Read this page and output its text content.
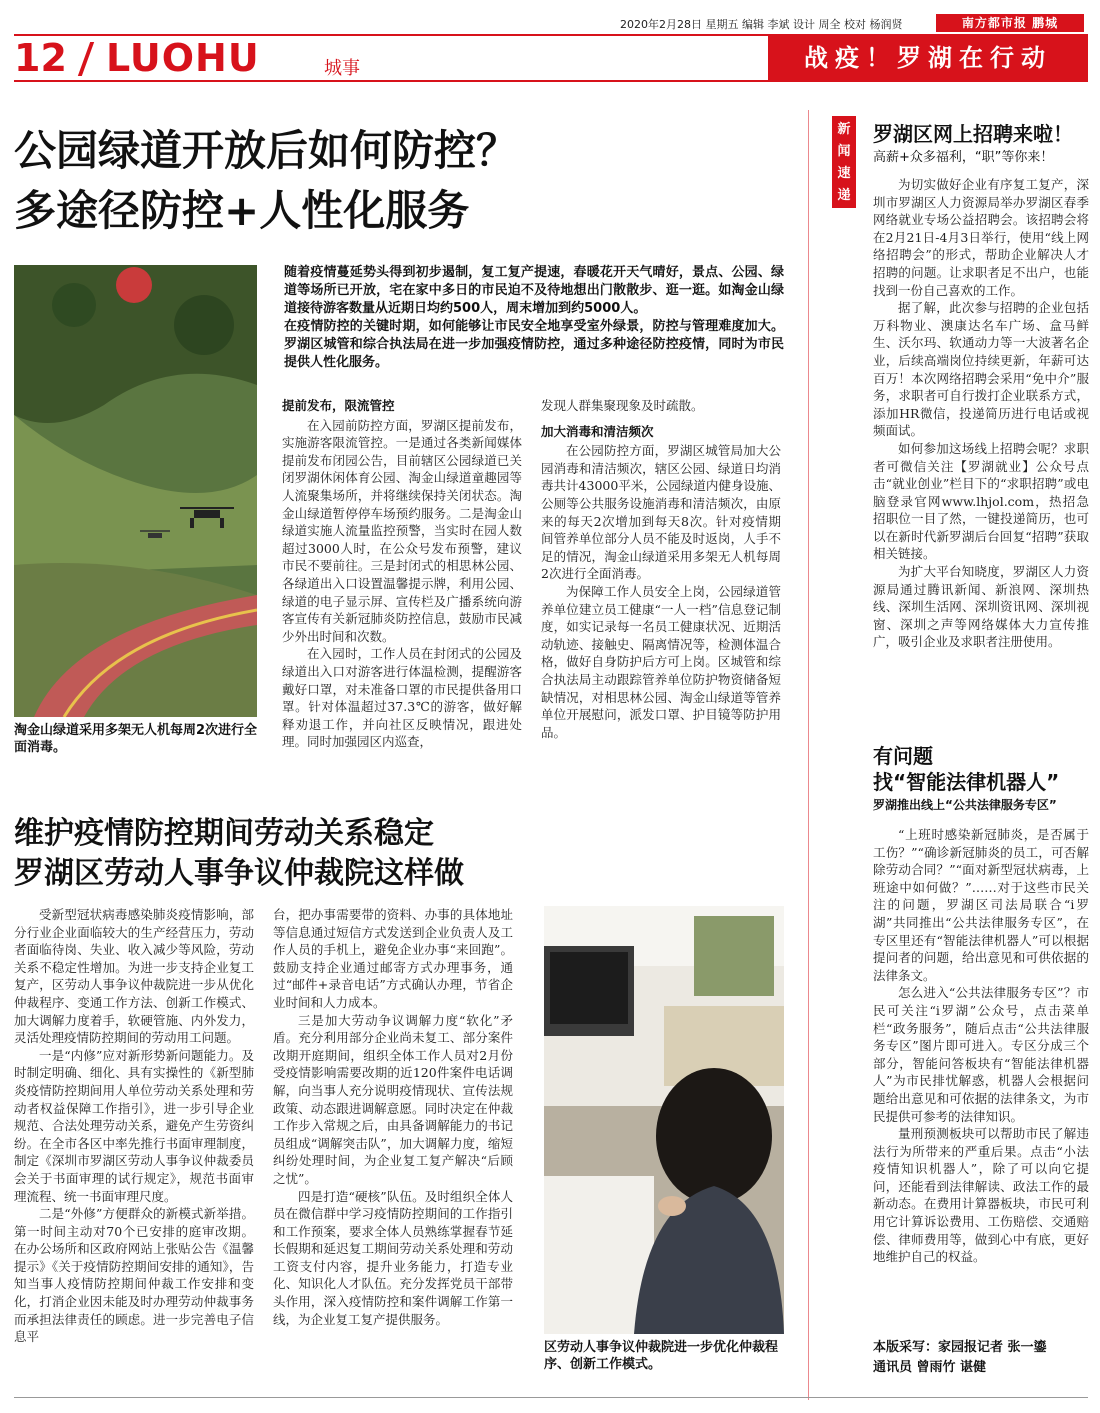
2020年2月28日 星期五 编辑 李斌 设计 周全 校对 杨润贤	南方都市报 鹏城
12 LUOHU	城事	战疫！罗湖在行动
公园绿道开放后如何防控？
多途径防控+人性化服务
淘金山绿道采用多架无人机每周2次进行全面消毒。

随着疫情蔓延势头得到初步遏制，复工复产提速，春暖花开天气晴好，景点、公园、绿道等场所已开放，宅在家中多日的市民迫不及待地想出门散散步、逛一逛。如淘金山绿道接待游客数量从近期日均约500人，周末增加到约5000人。

在疫情防控的关键时期，如何能够让市民安全地享受室外绿景，防控与管理难度加大。罗湖区城管和综合执法局在进一步加强疫情防控，通过多种途径防控疫情，同时为市民提供人性化服务。

提前发布，限流管控

在入园前防控方面，罗湖区提前发布，实施游客限流管控。一是通过各类新闻媒体提前发布闭园公告，目前辖区公园绿道已关闭罗湖休闲体育公园、淘金山绿道童趣园等人流聚集场所，并将继续保持关闭状态。淘金山绿道暂停停车场预约服务。二是淘金山绿道实施人流量监控预警，当实时在园人数超过3000人时，在公众号发布预警，建议市民不要前往。三是封闭式的相思林公园、各绿道出入口设置温馨提示牌，利用公园、绿道的电子显示屏、宣传栏及广播系统向游客宣传有关新冠肺炎防控信息，鼓励市民减少外出时间和次数。

在入园时，工作人员在封闭式的公园及绿道出入口对游客进行体温检测，提醒游客戴好口罩，对未准备口罩的市民提供备用口罩。针对体温超过37.3℃的游客，做好解释劝退工作，并向社区反映情况，跟进处理。同时加强园区内巡查，

发现人群集聚现象及时疏散。

加大消毒和清洁频次

在公园防控方面，罗湖区城管局加大公园消毒和清洁频次，辖区公园、绿道日均消毒共计43000平米，公园绿道内健身设施、公厕等公共服务设施消毒和清洁频次，由原来的每天2次增加到每天8次。针对疫情期间管养单位部分人员不能及时返岗，人手不足的情况，淘金山绿道采用多架无人机每周2次进行全面消毒。

为保障工作人员安全上岗，公园绿道管养单位建立员工健康“一人一档”信息登记制度，如实记录每一名员工健康状况、近期活动轨迹、接触史、隔离情况等，检测体温合格，做好自身防护后方可上岗。区城管和综合执法局主动跟踪管养单位防护物资储备短缺情况，对相思林公园、淘金山绿道等管养单位开展慰问，派发口罩、护目镜等防护用品。

维护疫情防控期间劳动关系稳定
罗湖区劳动人事争议仲裁院这样做

受新型冠状病毒感染肺炎疫情影响，部分行业企业面临较大的生产经营压力，劳动者面临待岗、失业、收入减少等风险，劳动关系不稳定性增加。为进一步支持企业复工复产，区劳动人事争议仲裁院进一步从优化仲裁程序、变通工作方法、创新工作模式、加大调解力度着手，软硬管施、内外发力，灵活处理疫情防控期间的劳动用工问题。

一是“内修”应对新形势新问题能力。及时制定明确、细化、具有实操性的《新型肺炎疫情防控期间用人单位劳动关系处理和劳动者权益保障工作指引》，进一步引导企业规范、合法处理劳动关系，避免产生劳资纠纷。在全市各区中率先推行书面审理制度，制定《深圳市罗湖区劳动人事争议仲裁委员会关于书面审理的试行规定》，规范书面审理流程、统一书面审理尺度。

二是“外修”方便群众的新模式新举措。第一时间主动对70个已安排的庭审改期。在办公场所和区政府网站上张贴公告《温馨提示》《关于疫情防控期间安排的通知》，告知当事人疫情防控期间仲裁工作安排和变化，打消企业因未能及时办理劳动仲裁事务而承担法律责任的顾虑。进一步完善电子信息平

台，把办事需要带的资料、办事的具体地址等信息通过短信方式发送到企业负责人及工作人员的手机上，避免企业办事“来回跑”。鼓励支持企业通过邮寄方式办理事务，通过“邮件+录音电话”方式确认办理，节省企业时间和人力成本。

三是加大劳动争议调解力度“软化”矛盾。充分利用部分企业尚未复工、部分案件改期开庭期间，组织全体工作人员对2月份受疫情影响需要改期的近120件案件电话调解，向当事人充分说明疫情现状、宣传法规政策、动态跟进调解意愿。同时决定在仲裁工作步入常规之后，由具备调解能力的书记员组成“调解突击队”，加大调解力度，缩短纠纷处理时间，为企业复工复产解决“后顾之忧”。

四是打造“硬核”队伍。及时组织全体人员在微信群中学习疫情防控期间的工作指引和工作预案，要求全体人员熟练掌握春节延长假期和延迟复工期间劳动关系处理和劳动工资支付内容，提升业务能力，打造专业化、知识化人才队伍。充分发挥党员干部带头作用，深入疫情防控和案件调解工作第一线，为企业复工复产提供服务。

区劳动人事争议仲裁院进一步优化仲裁程序、创新工作模式。
新
闻
速
递
罗湖区网上招聘来啦！
高薪+众多福利，“职”等你来！

为切实做好企业有序复工复产，深圳市罗湖区人力资源局举办罗湖区春季网络就业专场公益招聘会。该招聘会将在2月21日-4月3日举行，使用“线上网络招聘会”的形式，帮助企业解决人才招聘的问题。让求职者足不出户，也能找到一份自己喜欢的工作。

据了解，此次参与招聘的企业包括万科物业、澳康达名车广场、盒马鲜生、沃尔玛、软通动力等一大波著名企业，后续高端岗位持续更新，年薪可达百万！本次网络招聘会采用“免中介”服务，求职者可自行拨打企业联系方式，添加HR微信，投递简历进行电话或视频面试。

如何参加这场线上招聘会呢？求职者可微信关注【罗湖就业】公众号点击“就业创业”栏目下的“求职招聘”或电脑登录官网www.lhjol.com，热招急招职位一目了然，一键投递简历，也可以在新时代新罗湖后台回复“招聘”获取相关链接。

为扩大平台知晓度，罗湖区人力资源局通过腾讯新闻、新浪网、深圳热线、深圳生活网、深圳资讯网、深圳视窗、深圳之声等网络媒体大力宣传推广，吸引企业及求职者注册使用。

有问题
找“智能法律机器人”
罗湖推出线上“公共法律服务专区”

“上班时感染新冠肺炎，是否属于工伤？”“确诊新冠肺炎的员工，可否解除劳动合同？”“面对新型冠状病毒，上班途中如何做？”……对于这些市民关注的问题，罗湖区司法局联合“i罗湖”共同推出“公共法律服务专区”，在专区里还有“智能法律机器人”可以根据提问者的问题，给出意见和可供依据的法律条文。

怎么进入“公共法律服务专区”？市民可关注“i罗湖”公众号，点击菜单栏“政务服务”，随后点击“公共法律服务专区”图片即可进入。专区分成三个部分，智能问答板块有“智能法律机器人”为市民排忧解惑，机器人会根据问题给出意见和可依据的法律条文，为市民提供可参考的法律知识。

量刑预测板块可以帮助市民了解违法行为所带来的严重后果。点击“小法疫情知识机器人”，除了可以向它提问，还能看到法律解读、政法工作的最新动态。在费用计算器板块，市民可利用它计算诉讼费用、工伤赔偿、交通赔偿、律师费用等，做到心中有底，更好地维护自己的权益。

本版采写：家园报记者 张一鎏
通讯员 曾雨竹 谌健
